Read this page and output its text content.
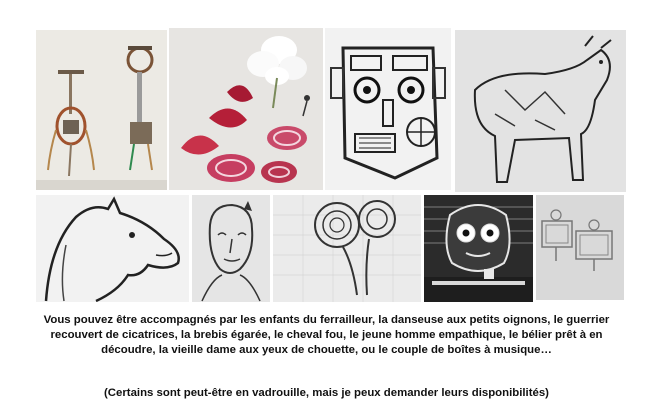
Vous pouvez être accompagnés par les enfants du ferrailleur, la danseuse aux petits oignons, le guerrier recouvert de cicatrices, la brebis égarée, le cheval fou, le jeune homme empathique, le bélier prêt à en découdre, la vieille dame aux yeux de chouette, ou le couple de boîtes à musique…

(Certains sont peut-être en vadrouille, mais je peux demander leurs disponibilités)
